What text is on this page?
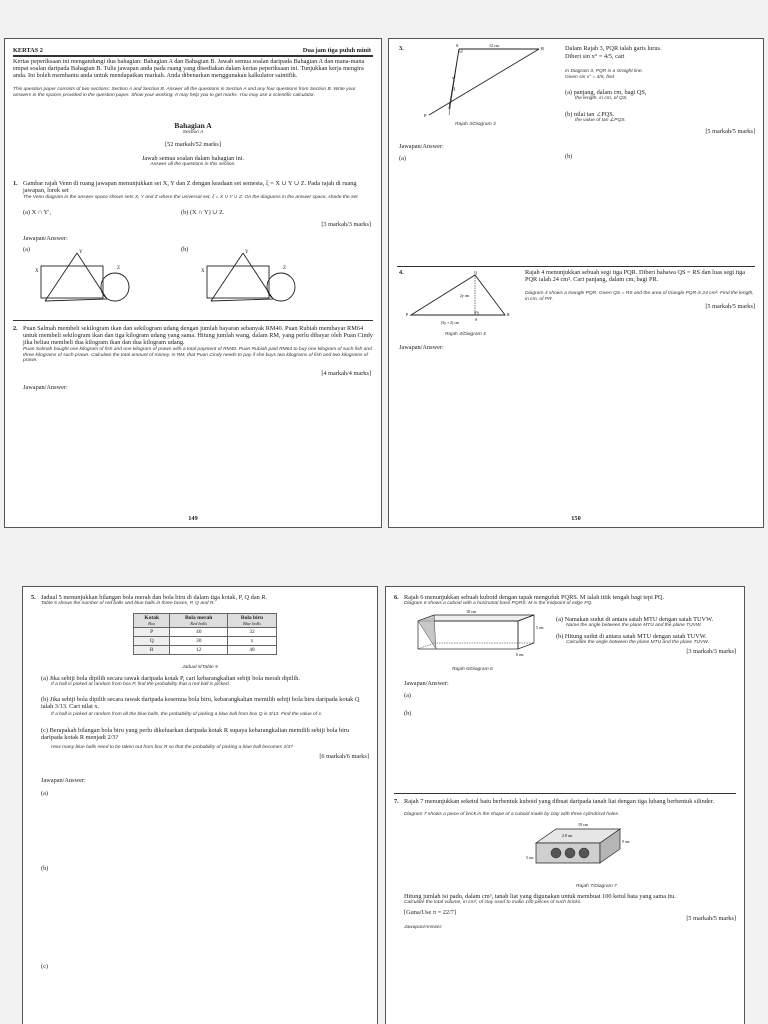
KERTAS 2	Dua jam tiga puluh minit
Kertas peperiksaan ini mengandungi dua bahagian: Bahagian A dan Bahagian B. Jawab semua soalan daripada Bahagian A dan mana-mana empat soalan daripada Bahagian B. Tulis jawapan anda pada ruang yang disediakan dalam kertas peperiksaan ini. Tunjukkan kerja mengira anda. Ini boleh membantu anda untuk mendapatkan markah. Anda dibenarkan menggunakan kalkulator saintifik.
This question paper consists of two sections: Section A and Section B. Answer all the questions in Section A and any four questions from Section B. Write your answers in the spaces provided in the question paper. Show your working. It may help you to get marks. You may use a scientific calculator.
Bahagian A
Section A
[52 markah/52 marks]
Jawab semua soalan dalam bahagian ini.
Answer all the questions in this section.
1. Gambar rajah Venn di ruang jawapan menunjukkan set X, Y dan Z dengan keadaan set semesta, ξ = X ∪ Y ∪ Z. Pada rajah di ruang jawapan, lorek set
The Venn diagram in the answer space shows sets X, Y and Z where the universal set, ξ = X ∪ Y ∪ Z. On the diagrams in the answer space, shade the set
(a) X ∩ Y′,	(b) (X ∩ Y) ∪ Z.
[3 markah/3 marks]
Jawapan/Answer:
(a)	(b)
X
Y
Z
X
Y
Z
2. Puan Salmah membeli sekilogram ikan dan sekilogram udang dengan jumlah bayaran sebanyak RM40. Puan Rubiah membayar RM64 untuk membeli sekilogram ikan dan tiga kilogram udang yang sama. Hitung jumlah wang, dalam RM, yang perlu dibayar oleh Puan Cindy jika beliau membeli dua kilogram ikan dan dua kilogram udang.
Puan Salmah bought one kilogram of fish and one kilogram of prawn with a total payment of RM40. Puan Rubiah paid RM64 to buy one kilogram of such fish and three kilograms of such prawn. Calculate the total amount of money, in RM, that Puan Cindy needs to pay if she buys two kilograms of fish and two kilograms of prawn.
[4 markah/4 marks]
Jawapan/Answer:
149
3.	S
R
Q
P
x°
12 cm
Rajah 3/Diagram 3
Dalam Rajah 3, PQR ialah garis lurus.
Diberi sin x° = 4/5, cari
In Diagram 3, PQR is a straight line.
Given sin x° = 4/5, find
(a) panjang, dalam cm, bagi QS,
the length, in cm, of QS,
(b) nilai tan ∠PQS.
the value of tan ∠PQS.
[5 markah/5 marks]
Jawapan/Answer:
(a)	(b)
4.	Q
P	R
S
2y cm
(3y + 2) cm
Rajah 4/Diagram 4
Rajah 4 menunjukkan sebuah segi tiga PQR. Diberi bahawa QS = RS dan luas segi tiga PQR ialah 24 cm². Cari panjang, dalam cm, bagi PR.
Diagram 4 shows a triangle PQR. Given QS = RS and the area of triangle PQR is 24 cm². Find the length, in cm, of PR.
[5 markah/5 marks]
Jawapan/Answer:
150
5. Jadual 5 menunjukkan bilangan bola merah dan bola biru di dalam tiga kotak, P, Q dan R.
Table 5 shows the number of red balls and blue balls in three boxes, P, Q and R.
Kotak
Box	Bola merah
Red balls	Bola biru
Blue balls

P	40	32
Q	30	x
R	12	48
Jadual 5/Table 5
(a) Jika sebiji bola dipilih secara rawak daripada kotak P, cari kebarangkalian sebiji bola merah dipilih.
If a ball is picked at random from box P, find the probability that a red ball is picked.
(b) Jika sebiji bola dipilih secara rawak daripada kesemua bola biru, kebarangkalian memilih sebiji bola biru daripada kotak Q ialah 3/13. Cari nilai x.
If a ball is picked at random from all the blue balls, the probability of picking a blue ball from box Q is 3/13. Find the value of x.
(c) Berapakah bilangan bola biru yang perlu dikeluarkan daripada kotak R supaya kebarangkalian memilih sebiji bola biru daripada kotak R menjadi 2/3?
How many blue balls need to be taken out from box R so that the probability of picking a blue ball becomes 2/3?
[6 markah/6 marks]
Jawapan/Answer:
(a)
(b)
(c)
6. Rajah 6 menunjukkan sebuah kuboid dengan tapak mengufuk PQRS. M ialah titik tengah bagi tepi PQ.
Diagram 6 shows a cuboid with a horizontal base PQRS. M is the midpoint of edge PQ.
18 cm
5 cm
6 cm
Rajah 6/Diagram 6
(a) Namakan sudut di antara satah MTU dengan satah TUVW.
Name the angle between the plane MTU and the plane TUVW.
(b) Hitung sudut di antara satah MTU dengan satah TUVW.
Calculate the angle between the plane MTU and the plane TUVW.
[3 markah/3 marks]
Jawapan/Answer:
(a)
(b)
7. Rajah 7 menunjukkan seketul batu berbentuk kuboid yang dibuat daripada tanah liat dengan tiga lubang berbentuk silinder.
Diagram 7 shows a piece of brick in the shape of a cuboid made by clay with three cylindrical holes.
19 cm
2.8 cm
9 cm
5 cm
Rajah 7/Diagram 7
Hitung jumlah isi padu, dalam cm³, tanah liat yang digunakan untuk membuat 100 ketul bata yang sama itu.
Calculate the total volume, in cm³, of clay used to make 100 pieces of such bricks.
[Guna/Use π = 22/7]
[5 markah/5 marks]
Jawapan/Answer:
